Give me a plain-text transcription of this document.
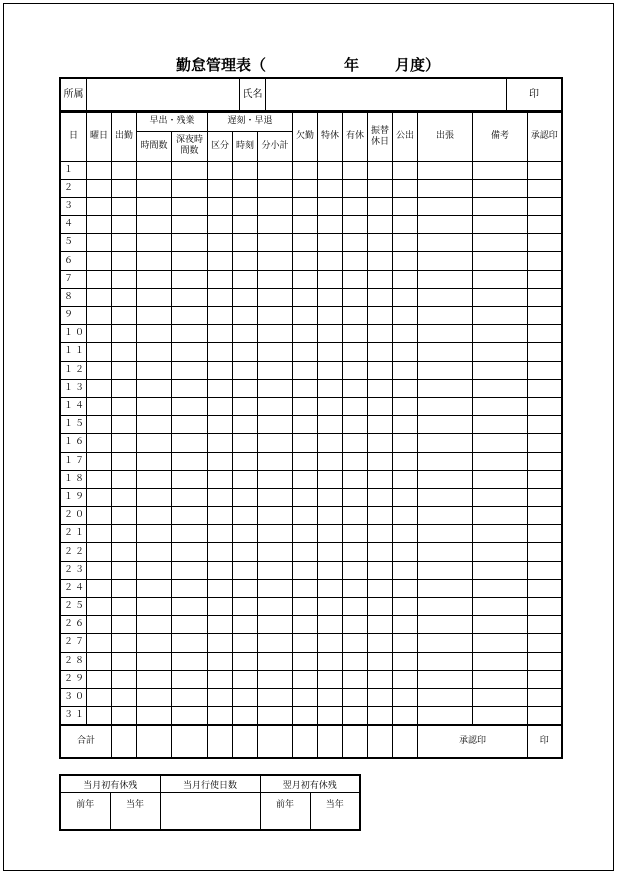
勤怠管理表（	年 月度）
所属	氏名	印
日	曜日	出勤	早出・残業		遅刻・早退			欠勤	特休	有休	振替休日	公出	出張	備考	承認印
			時間数	深夜時間数	区分	時刻	分小計								
１															
２															
３															
４															
５															
６															
７															
８															
９															
１０															
１１															
１２															
１３															
１４															
１５															
１６															
１７															
１８															
１９															
２０															
２１															
２２															
２３															
２４															
２５															
２６															
２７															
２８															
２９															
３０															
３１															
合計													承認印		印
当月初有休残		当月行使日数	翌月初有休残	
前年	当年		前年	当年
